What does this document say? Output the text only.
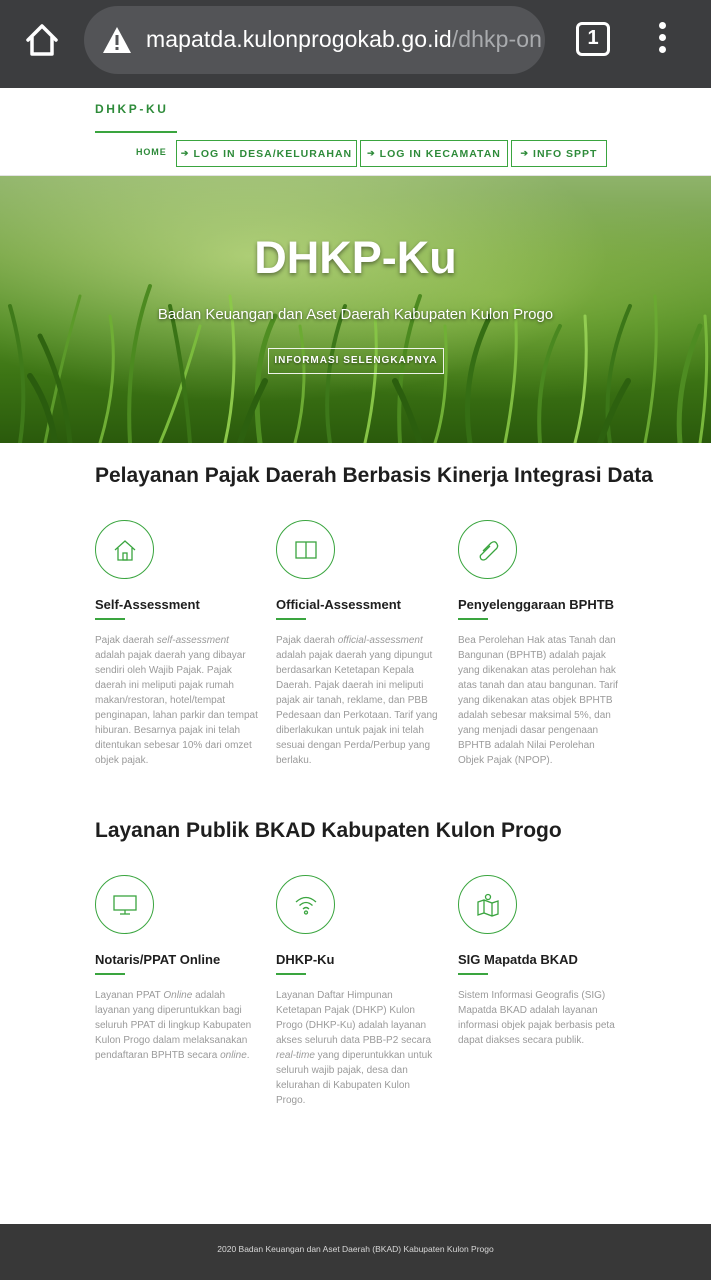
mapatda.kulonprogokab.go.id/dhkp-on	1
DHKP-KU
HOME ➔ LOG IN DESA/KELURAHAN ➔ LOG IN KECAMATAN ➔ INFO SPPT
DHKP-Ku
Badan Keuangan dan Aset Daerah Kabupaten Kulon Progo
INFORMASI SELENGKAPNYA
Pelayanan Pajak Daerah Berbasis Kinerja Integrasi Data
Self-Assessment
Pajak daerah self-assessment adalah pajak daerah yang dibayar sendiri oleh Wajib Pajak. Pajak daerah ini meliputi pajak rumah makan/restoran, hotel/tempat penginapan, lahan parkir dan tempat hiburan. Besarnya pajak ini telah ditentukan sebesar 10% dari omzet objek pajak.
Official-Assessment
Pajak daerah official-assessment adalah pajak daerah yang dipungut berdasarkan Ketetapan Kepala Daerah. Pajak daerah ini meliputi pajak air tanah, reklame, dan PBB Pedesaan dan Perkotaan. Tarif yang diberlakukan untuk pajak ini telah sesuai dengan Perda/Perbup yang berlaku.
Penyelenggaraan BPHTB
Bea Perolehan Hak atas Tanah dan Bangunan (BPHTB) adalah pajak yang dikenakan atas perolehan hak atas tanah dan atau bangunan. Tarif yang dikenakan atas objek BPHTB adalah sebesar maksimal 5%, dan yang menjadi dasar pengenaan BPHTB adalah Nilai Perolehan Objek Pajak (NPOP).
Layanan Publik BKAD Kabupaten Kulon Progo
Notaris/PPAT Online
Layanan PPAT Online adalah layanan yang diperuntukkan bagi seluruh PPAT di lingkup Kabupaten Kulon Progo dalam melaksanakan pendaftaran BPHTB secara online.
DHKP-Ku
Layanan Daftar Himpunan Ketetapan Pajak (DHKP) Kulon Progo (DHKP-Ku) adalah layanan akses seluruh data PBB-P2 secara real-time yang diperuntukkan untuk seluruh wajib pajak, desa dan kelurahan di Kabupaten Kulon Progo.
SIG Mapatda BKAD
Sistem Informasi Geografis (SIG) Mapatda BKAD adalah layanan informasi objek pajak berbasis peta dapat diakses secara publik.
2020 Badan Keuangan dan Aset Daerah (BKAD) Kabupaten Kulon Progo
